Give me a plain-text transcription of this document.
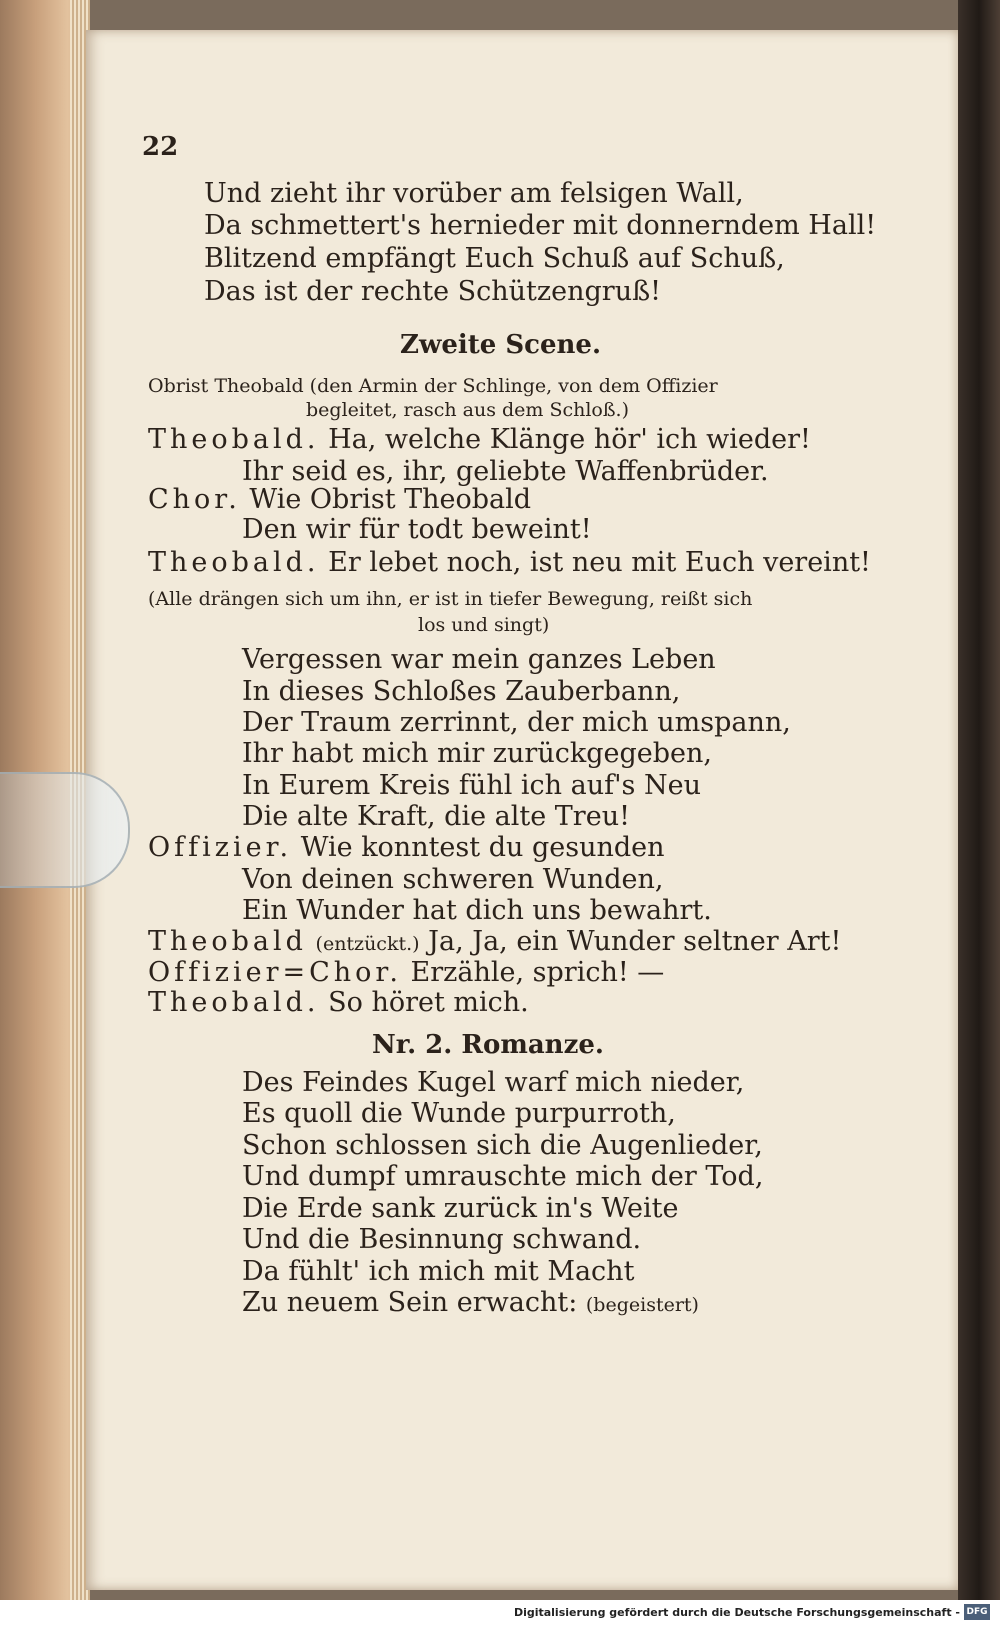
22
Und zieht ihr vorüber am felsigen Wall,
Da schmettert's hernieder mit donnerndem Hall!
Blitzend empfängt Euch Schuß auf Schuß,
Das ist der rechte Schützengruß!
Zweite Scene.
Obrist Theobald (den Armin der Schlinge, von dem Offizier
begleitet, rasch aus dem Schloß.)
Theobald. Ha, welche Klänge hör' ich wieder!
Ihr seid es, ihr, geliebte Waffenbrüder.
Chor. Wie Obrist Theobald
Den wir für todt beweint!
Theobald. Er lebet noch, ist neu mit Euch vereint!
(Alle drängen sich um ihn, er ist in tiefer Bewegung, reißt sich
los und singt)
Vergessen war mein ganzes Leben
In dieses Schloßes Zauberbann,
Der Traum zerrinnt, der mich umspann,
Ihr habt mich mir zurückgegeben,
In Eurem Kreis fühl ich auf's Neu
Die alte Kraft, die alte Treu!
Offizier. Wie konntest du gesunden
Von deinen schweren Wunden,
Ein Wunder hat dich uns bewahrt.
Theobald (entzückt.) Ja, Ja, ein Wunder seltner Art!
Offizier=Chor. Erzähle, sprich! —
Theobald. So höret mich.
Nr. 2. Romanze.
Des Feindes Kugel warf mich nieder,
Es quoll die Wunde purpurroth,
Schon schlossen sich die Augenlieder,
Und dumpf umrauschte mich der Tod,
Die Erde sank zurück in's Weite
Und die Besinnung schwand.
Da fühlt' ich mich mit Macht
Zu neuem Sein erwacht: (begeistert)
Digitalisierung gefördert durch die Deutsche Forschungsgemeinschaft - DFG
